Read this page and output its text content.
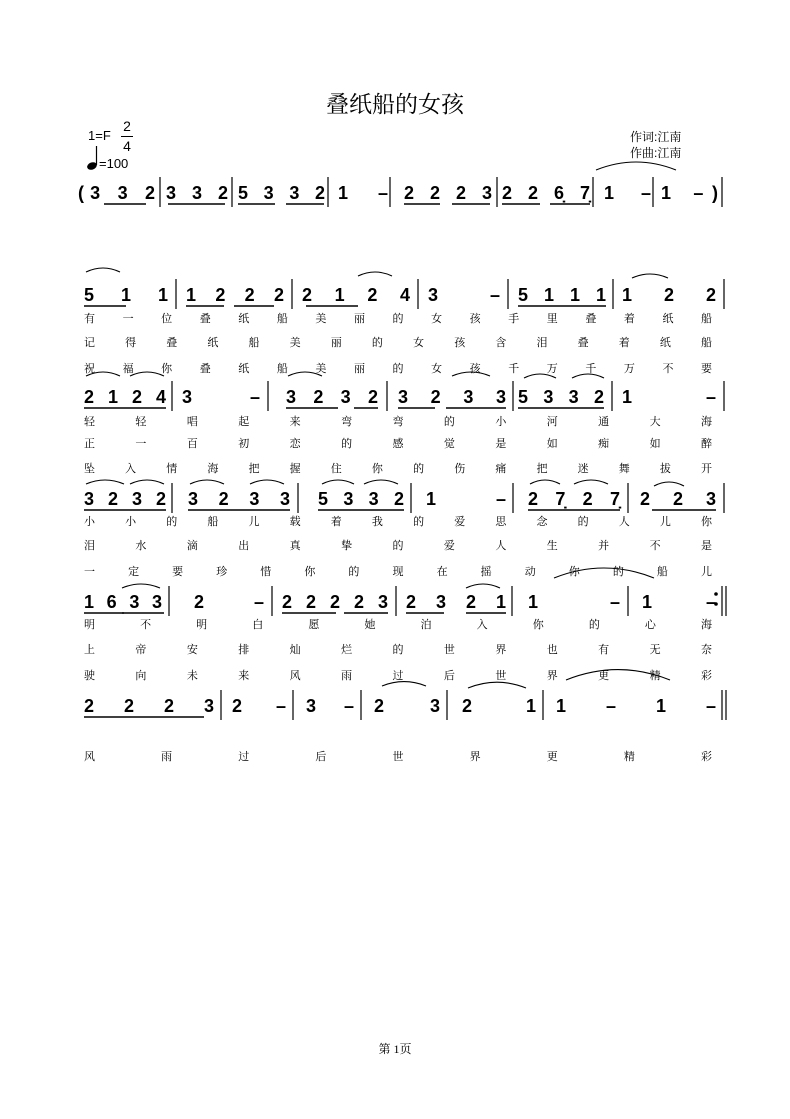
叠纸船的女孩
1=F
2
4
=100
作词:江南
作曲:江南
(3 3 2 3 3 2 5 3 3 2 1 – 2 2 2 3 2 2 6̣ 7̣ 1 – 1 –)
5 1 1 1 2 2 2 2 1 2 4 3 – 5 1 1 1 1 2 2
有	一	位	叠	纸	船	美	丽	的	女	孩	手	里	叠	着	纸	船
记	得	叠	纸	船	美	丽	的	女	孩	含	泪	叠	着	纸	船
祝	福	你	叠	纸	船	美	丽	的	女	孩	千	万	千	万	不	要
2 1 2 4 3 – 3 2 3 2 3 2 3 3 5 3 3 2 1 –
轻	轻	唱	起	来	弯	弯	的	小	河	通	大	海
正	一	百	初	恋	的	感	觉	是	如	痴	如	醉
坠	入	情	海	把	握	住	你	的	伤	痛	把	迷	舞	拔	开
3 2 3 2 3 2 3 3 5 3 3 2 1 – 2 7̣ 2 7̣ 2 2 3
小	小	的	船	儿	载	着	我	的	爱	思	念	的	人	儿	你
泪	水	滴	出	真	挚	的	爱	人	生	并	不	是
一	定	要	珍	惜	你	的	现	在	摇	动	你	的	船	儿
1 6 3 3 2 – 2 2 2 2 3 2 3 2 1 1 – 1 –
明	不	明	白	愿	她	泊	入	你	的	心	海
上	帝	安	排	灿	烂	的	世	界	也	有	无	奈
驶	向	未	来	风	雨	过	后	世	界	更	精	彩
2 2 2 3 2 – 3 – 2 3 2 1 1 – 1 –
风	雨	过	后	世	界	更	精	彩
第 1页
